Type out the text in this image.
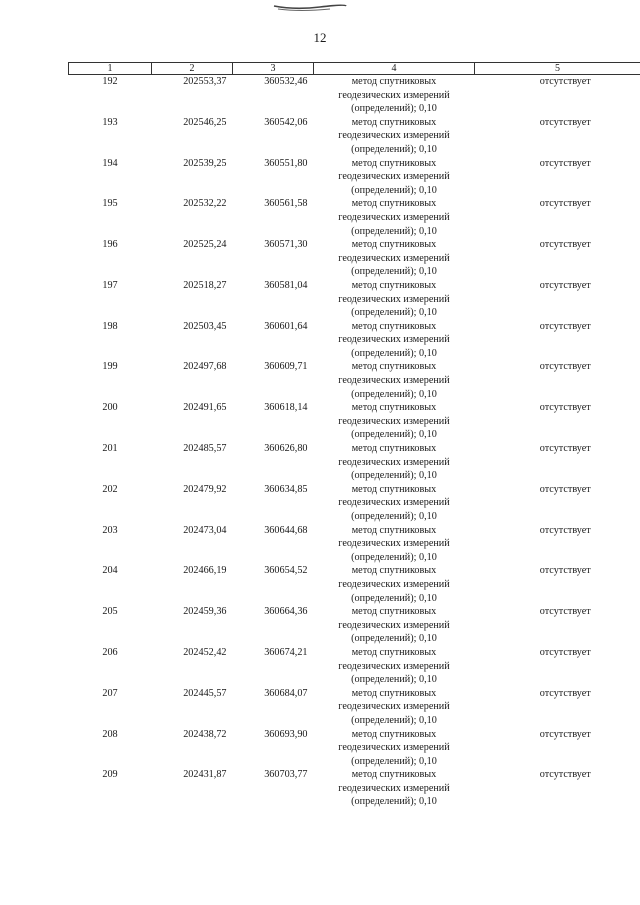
12
1	2	3	4	5
192	202553,37	360532,46	метод спутниковых
геодезических измерений
(определений); 0,10	отсутствует
193	202546,25	360542,06	метод спутниковых
геодезических измерений
(определений); 0,10	отсутствует
194	202539,25	360551,80	метод спутниковых
геодезических измерений
(определений); 0,10	отсутствует
195	202532,22	360561,58	метод спутниковых
геодезических измерений
(определений); 0,10	отсутствует
196	202525,24	360571,30	метод спутниковых
геодезических измерений
(определений); 0,10	отсутствует
197	202518,27	360581,04	метод спутниковых
геодезических измерений
(определений); 0,10	отсутствует
198	202503,45	360601,64	метод спутниковых
геодезических измерений
(определений); 0,10	отсутствует
199	202497,68	360609,71	метод спутниковых
геодезических измерений
(определений); 0,10	отсутствует
200	202491,65	360618,14	метод спутниковых
геодезических измерений
(определений); 0,10	отсутствует
201	202485,57	360626,80	метод спутниковых
геодезических измерений
(определений); 0,10	отсутствует
202	202479,92	360634,85	метод спутниковых
геодезических измерений
(определений); 0,10	отсутствует
203	202473,04	360644,68	метод спутниковых
геодезических измерений
(определений); 0,10	отсутствует
204	202466,19	360654,52	метод спутниковых
геодезических измерений
(определений); 0,10	отсутствует
205	202459,36	360664,36	метод спутниковых
геодезических измерений
(определений); 0,10	отсутствует
206	202452,42	360674,21	метод спутниковых
геодезических измерений
(определений); 0,10	отсутствует
207	202445,57	360684,07	метод спутниковых
геодезических измерений
(определений); 0,10	отсутствует
208	202438,72	360693,90	метод спутниковых
геодезических измерений
(определений); 0,10	отсутствует
209	202431,87	360703,77	метод спутниковых
геодезических измерений
(определений); 0,10	отсутствует
